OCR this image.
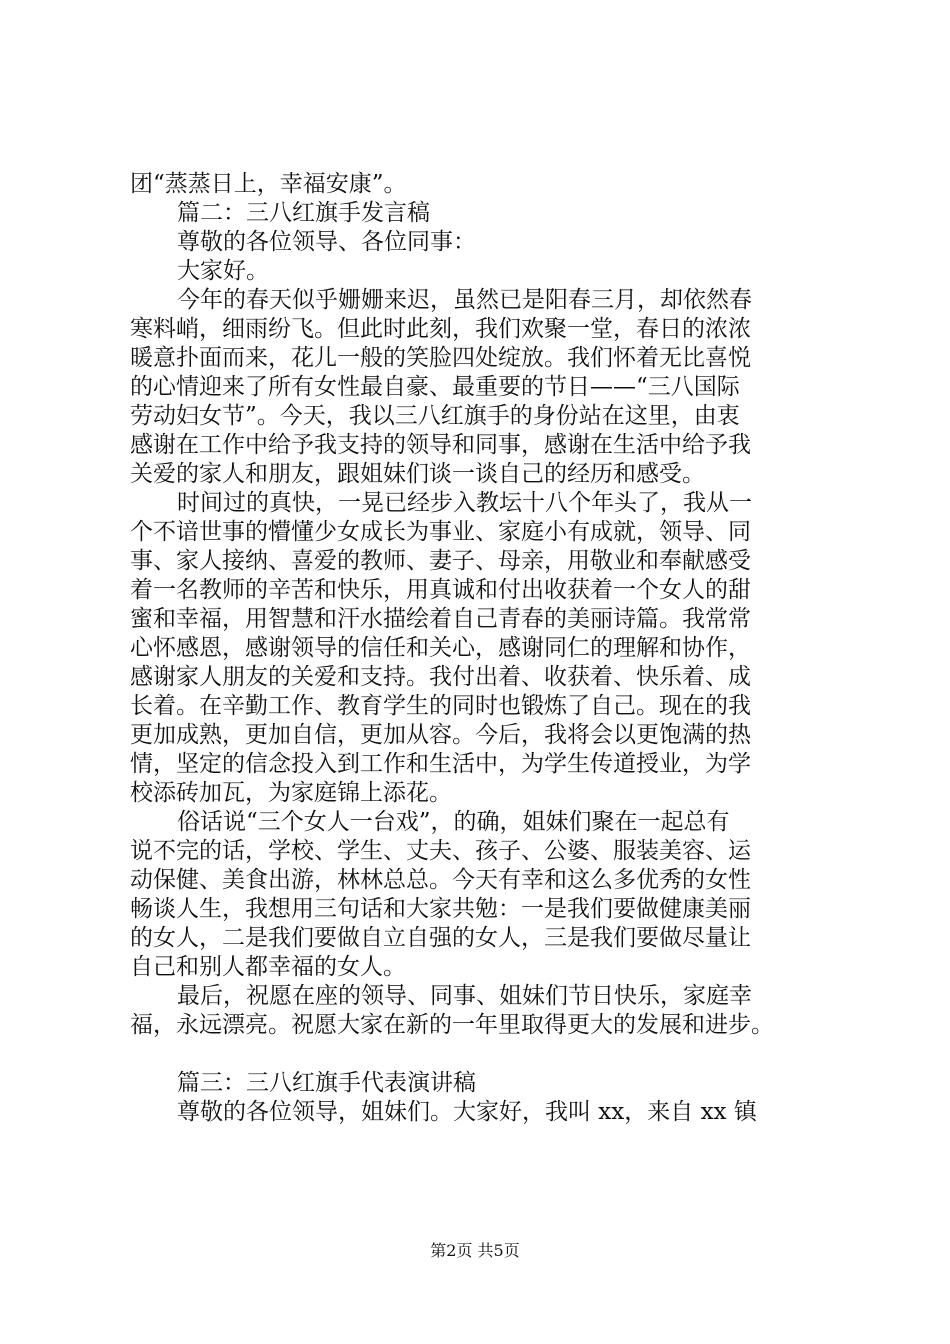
团“蒸蒸日上，幸福安康”。
篇二：三八红旗手发言稿
尊敬的各位领导、各位同事：
大家好。
今年的春天似乎姗姗来迟，虽然已是阳春三月，却依然春
寒料峭，细雨纷飞。但此时此刻，我们欢聚一堂，春日的浓浓
暖意扑面而来，花儿一般的笑脸四处绽放。我们怀着无比喜悦
的心情迎来了所有女性最自豪、最重要的节日——“三八国际
劳动妇女节”。今天，我以三八红旗手的身份站在这里，由衷
感谢在工作中给予我支持的领导和同事，感谢在生活中给予我
关爱的家人和朋友，跟姐妹们谈一谈自己的经历和感受。
时间过的真快，一晃已经步入教坛十八个年头了，我从一
个不谙世事的懵懂少女成长为事业、家庭小有成就，领导、同
事、家人接纳、喜爱的教师、妻子、母亲，用敬业和奉献感受
着一名教师的辛苦和快乐，用真诚和付出收获着一个女人的甜
蜜和幸福，用智慧和汗水描绘着自己青春的美丽诗篇。我常常
心怀感恩，感谢领导的信任和关心，感谢同仁的理解和协作，
感谢家人朋友的关爱和支持。我付出着、收获着、快乐着、成
长着。在辛勤工作、教育学生的同时也锻炼了自己。现在的我
更加成熟，更加自信，更加从容。今后，我将会以更饱满的热
情，坚定的信念投入到工作和生活中，为学生传道授业，为学
校添砖加瓦，为家庭锦上添花。
俗话说“三个女人一台戏”，的确，姐妹们聚在一起总有
说不完的话，学校、学生、丈夫、孩子、公婆、服装美容、运
动保健、美食出游，林林总总。今天有幸和这么多优秀的女性
畅谈人生，我想用三句话和大家共勉：一是我们要做健康美丽
的女人，二是我们要做自立自强的女人，三是我们要做尽量让
自己和别人都幸福的女人。
最后，祝愿在座的领导、同事、姐妹们节日快乐，家庭幸
福，永远漂亮。祝愿大家在新的一年里取得更大的发展和进步。
篇三：三八红旗手代表演讲稿
尊敬的各位领导，姐妹们。大家好，我叫 xx，来自 xx 镇
第2页 共5页
